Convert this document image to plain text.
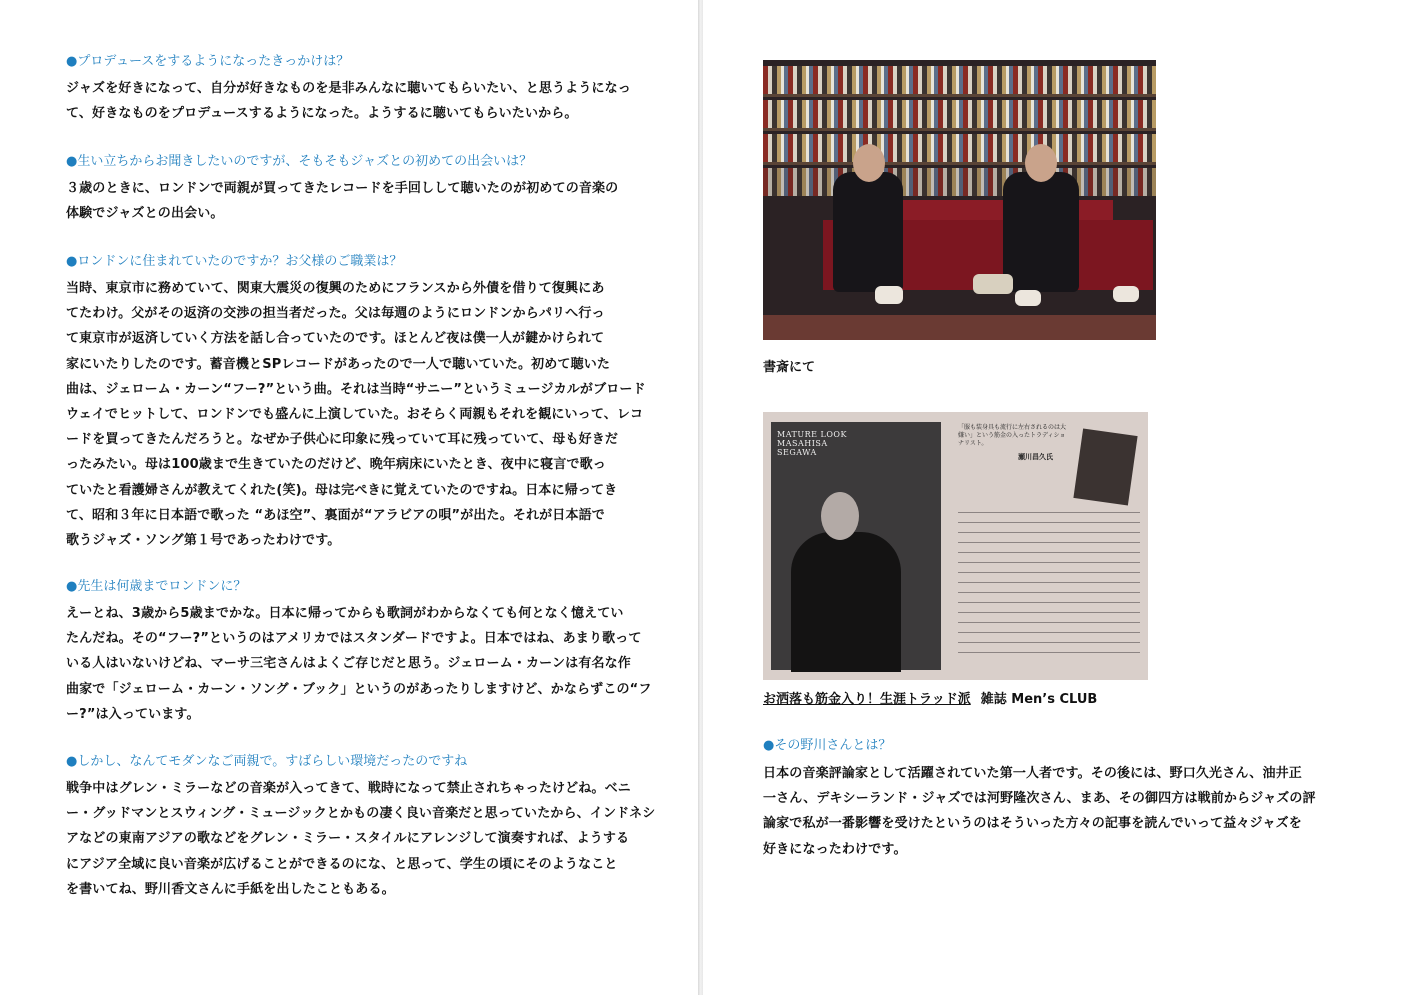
●プロデュースをするようになったきっかけは？
ジャズを好きになって、自分が好きなものを是非みんなに聴いてもらいたい、と思うようになっ
て、好きなものをプロデュースするようになった。ようするに聴いてもらいたいから。
●生い立ちからお聞きしたいのですが、そもそもジャズとの初めての出会いは？
３歳のときに、ロンドンで両親が買ってきたレコードを手回しして聴いたのが初めての音楽の
体験でジャズとの出会い。
●ロンドンに住まれていたのですか？お父様のご職業は？
当時、東京市に務めていて、関東大震災の復興のためにフランスから外債を借りて復興にあ
てたわけ。父がその返済の交渉の担当者だった。父は毎週のようにロンドンからパリへ行っ
て東京市が返済していく方法を話し合っていたのです。ほとんど夜は僕一人が鍵かけられて
家にいたりしたのです。蓄音機とSPレコードがあったので一人で聴いていた。初めて聴いた
曲は、ジェローム・カーン“フー?”という曲。それは当時“サニー”というミュージカルがブロード
ウェイでヒットして、ロンドンでも盛んに上演していた。おそらく両親もそれを観にいって、レコ
ードを買ってきたんだろうと。なぜか子供心に印象に残っていて耳に残っていて、母も好きだ
ったみたい。母は100歳まで生きていたのだけど、晩年病床にいたとき、夜中に寝言で歌っ
ていたと看護婦さんが教えてくれた(笑)。母は完ぺきに覚えていたのですね。日本に帰ってき
て、昭和３年に日本語で歌った “あほ空”、裏面が“アラビアの唄”が出た。それが日本語で
歌うジャズ・ソング第１号であったわけです。
●先生は何歳までロンドンに？
えーとね、3歳から5歳までかな。日本に帰ってからも歌詞がわからなくても何となく憶えてい
たんだね。その“フー?”というのはアメリカではスタンダードですよ。日本ではね、あまり歌って
いる人はいないけどね、マーサ三宅さんはよくご存じだと思う。ジェローム・カーンは有名な作
曲家で「ジェローム・カーン・ソング・ブック」というのがあったりしますけど、かならずこの“フ
ー?”は入っています。
●しかし、なんてモダンなご両親で。すばらしい環境だったのですね
戦争中はグレン・ミラーなどの音楽が入ってきて、戦時になって禁止されちゃったけどね。ベニ
ー・グッドマンとスウィング・ミュージックとかもの凄く良い音楽だと思っていたから、インドネシ
アなどの東南アジアの歌などをグレン・ミラー・スタイルにアレンジして演奏すれば、ようする
にアジア全域に良い音楽が広げることができるのにな、と思って、学生の頃にそのようなこと
を書いてね、野川香文さんに手紙を出したこともある。
書斎にて
MATURE LOOK
MASAHISA
SEGAWA
「服も装身具も流行に左右されるのは大嫌い」という筋金の入ったトラディショナリスト。
瀬川昌久氏
お洒落も筋金入り！生涯トラッド派 雑誌 Men’s CLUB
●その野川さんとは？
日本の音楽評論家として活躍されていた第一人者です。その後には、野口久光さん、油井正
一さん、デキシーランド・ジャズでは河野隆次さん、まあ、その御四方は戦前からジャズの評
論家で私が一番影響を受けたというのはそういった方々の記事を読んでいって益々ジャズを
好きになったわけです。
